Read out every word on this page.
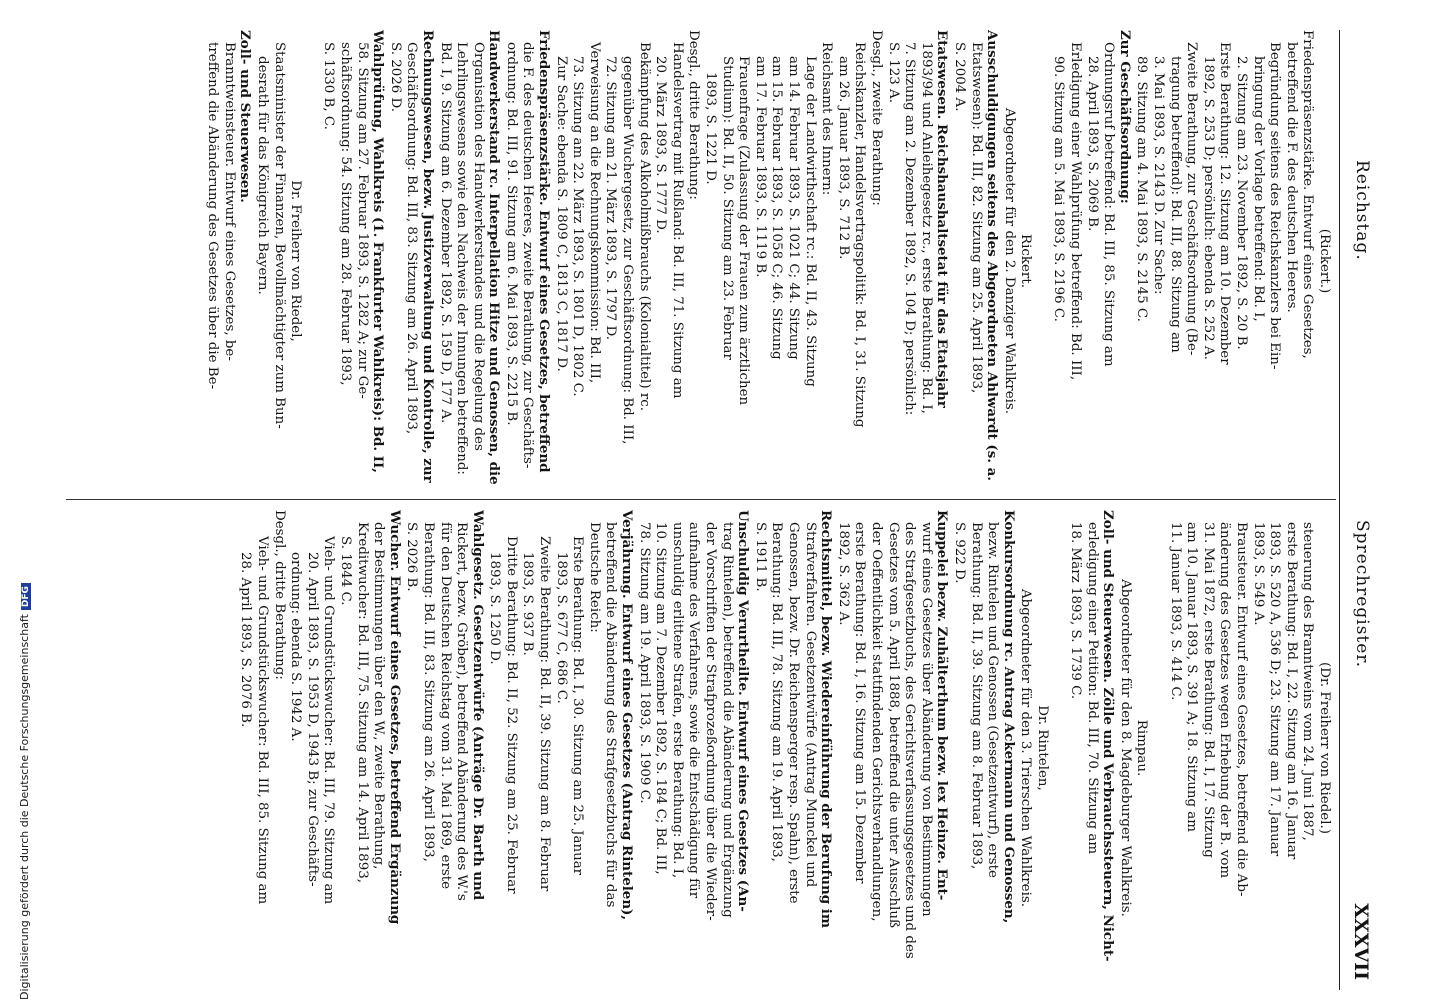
Reichstag.
Sprechregister.
XXXVII

(Rickert.)

Friedenspräsenzstärke. Entwurf eines Gesetzes,

betreffend die F. des deutschen Heeres.

Begründung seitens des Reichskanzlers bei Ein-

bringung der Vorlage betreffend: Bd. I,

2. Sitzung am 23. November 1892, S. 20 B.

Erste Berathung: 12. Sitzung am 10. Dezember

1892, S. 253 D; persönlich: ebenda S. 252 A.

Zweite Berathung, zur Geschäftsordnung (Be-

tragung betreffend): Bd. III, 88. Sitzung am

3. Mai 1893, S. 2143 D. Zur Sache:

89. Sitzung am 4. Mai 1893, S. 2145 C.

Zur Geschäftsordnung:

Ordnungsruf betreffend: Bd. III, 85. Sitzung am

28. April 1893, S. 2069 B.

Erledigung einer Wahlprüfung betreffend: Bd. III,

90. Sitzung am 5. Mai 1893, S. 2196 C.

Rickert.

Abgeordneter für den 2. Danziger Wahlkreis.

Ausschuldigungen seitens des Abgeordneten Ahlwardt (s. a.

Etatswesen): Bd. III, 82. Sitzung am 25. April 1893,

S. 2004 A.

Etatswesen. Reichshaushaltsetat für das Etatsjahr

1893/94 und Anleihegesetz rc., erste Berathung: Bd. I,

7. Sitzung am 2. Dezember 1892, S. 104 D; persönlich:

S. 123 A.

Desgl., zweite Berathung:

Reichskanzler, Handelsvertragspolitik: Bd. I, 31. Sitzung

am 26. Januar 1893, S. 712 B.

Reichsamt des Innern:

Lage der Landwirthschaft rc.: Bd. II, 43. Sitzung

am 14. Februar 1893, S. 1021 C; 44. Sitzung

am 15. Februar 1893, S. 1058 C; 46. Sitzung

am 17. Februar 1893, S. 1119 B.

Frauenfrage (Zulassung der Frauen zum ärztlichen

Studium): Bd. II, 50. Sitzung am 23. Februar

1893, S. 1221 D.

Desgl., dritte Berathung:

Handelsvertrag mit Rußland: Bd. III, 71. Sitzung am

20. März 1893, S. 1777 D.

Bekämpfung des Alkoholmißbrauchs (Kolonialtitel) rc.

gegenüber Wuchergesetz, zur Geschäftsordnung: Bd. III,

72. Sitzung am 21. März 1893, S. 1797 D.

Verweisung an die Rechnungskommission: Bd. III,

73. Sitzung am 22. März 1893, S. 1801 D, 1802 C.

Zur Sache: ebenda S. 1809 C, 1813 C, 1817 D.

Friedenspräsenzstärke. Entwurf eines Gesetzes, betreffend

die F. des deutschen Heeres, zweite Berathung, zur Geschäfts-

ordnung: Bd. III, 91. Sitzung am 6. Mai 1893, S. 2215 B.

Handwerkerstand rc. Interpellation Hitze und Genossen, die

Organisation des Handwerkerstandes und die Regelung des

Lehrlingswesens sowie den Nachweis der Innungen betreffend:

Bd. I, 9. Sitzung am 6. Dezember 1892, S. 159 D, 177 A.

Rechnungswesen, bezw. Justizverwaltung und Kontrolle, zur

Geschäftsordnung: Bd. III, 83. Sitzung am 26. April 1893,

S. 2026 D.

Wahlprüfung, Wahlkreis (1. Frankfurter Wahlkreis): Bd. II,

58. Sitzung am 27. Februar 1893, S. 1282 A; zur Ge-

schäftsordnung: 54. Sitzung am 28. Februar 1893,

S. 1330 B, C.

Dr. Freiherr von Riedel,

Staatsminister der Finanzen, Bevollmächtigter zum Bun-

desrath für das Königreich Bayern.

Zoll- und Steuerwesen.

Branntweinsteuer. Entwurf eines Gesetzes, be-

treffend die Abänderung des Gesetzes über die Be-

(Dr. Freiherr von Riedel.)

steuerung des Branntweins vom 24. Juni 1887,

erste Berathung: Bd. I, 22. Sitzung am 16. Januar

1893, S. 520 A, 536 D; 23. Sitzung am 17. Januar

1893, S. 549 A.

Brausteuer. Entwurf eines Gesetzes, betreffend die Ab-

änderung des Gesetzes wegen Erhebung der B. vom

31. Mai 1872, erste Berathung: Bd. I, 17. Sitzung

am 10. Januar 1893, S. 391 A; 18. Sitzung am

11. Januar 1893, S. 414 C.

Rimpau.

Abgeordneter für den 8. Magdeburger Wahlkreis.

Zoll- und Steuerwesen. Zölle und Verbrauchssteuern, Nicht-

erledigung einer Petition: Bd. III, 70. Sitzung am

18. März 1893, S. 1739 C.

Dr. Rintelen,

Abgeordneter für den 3. Trierschen Wahlkreis.

Konkursordnung rc. Antrag Ackermann und Genossen,

bezw. Rintelen und Genossen (Gesetzentwurf), erste

Berathung: Bd. II, 39. Sitzung am 8. Februar 1893,

S. 922 D.

Kuppelei bezw. Zuhälterthum bezw. lex Heinze. Ent-

wurf eines Gesetzes über Abänderung von Bestimmungen

des Strafgesetzbuchs, des Gerichtsverfassungsgesetzes und des

Gesetzes vom 5. April 1888, betreffend die unter Ausschluß

der Oeffentlichkeit stattfindenden Gerichtsverhandlungen,

erste Berathung: Bd. I, 16. Sitzung am 15. Dezember

1892, S. 362 A.

Rechtsmittel, bezw. Wiedereinführung der Berufung im

Strafverfahren. Gesetzentwürfe (Antrag Munckel und

Genossen, bezw. Dr. Reichensperger resp. Spahn), erste

Berathung: Bd. III, 78. Sitzung am 19. April 1893,

S. 1911 B.

Unschuldig Verurtheilte. Entwurf eines Gesetzes (An-

trag Rintelen), betreffend die Abänderung und Ergänzung

der Vorschriften der Strafprozeßordnung über die Wieder-

aufnahme des Verfahrens, sowie die Entschädigung für

unschuldig erlittene Strafen, erste Berathung: Bd. I,

10. Sitzung am 7. Dezember 1892, S. 184 C; Bd. III,

78. Sitzung am 19. April 1893, S. 1909 C.

Verjährung. Entwurf eines Gesetzes (Antrag Rintelen),

betreffend die Abänderung des Strafgesetzbuchs für das

Deutsche Reich:

Erste Berathung: Bd. I, 30. Sitzung am 25. Januar

1893, S. 677 C, 686 C.

Zweite Berathung: Bd. II, 39. Sitzung am 8. Februar

1893, S. 937 B.

Dritte Berathung: Bd. II, 52. Sitzung am 25. Februar

1893, S. 1250 D.

Wahlgesetz. Gesetzentwürfe (Anträge Dr. Barth und

Rickert, bezw. Gröber), betreffend Abänderung des W.'s

für den Deutschen Reichstag vom 31. Mai 1869, erste

Berathung: Bd. III, 83. Sitzung am 26. April 1893,

S. 2026 B.

Wucher. Entwurf eines Gesetzes, betreffend Ergänzung

der Bestimmungen über den W., zweite Berathung,

Kreditwucher: Bd. III, 75. Sitzung am 14. April 1893,

S. 1844 C.

Vieh- und Grundstückswucher: Bd. III, 79. Sitzung am

20. April 1893, S. 1953 D, 1943 B; zur Geschäfts-

ordnung: ebenda S. 1942 A.

Desgl., dritte Berathung:

Vieh- und Grundstückswucher: Bd. III, 85. Sitzung am

28. April 1893, S. 2076 B.

Digitalisierung gefördert durch die Deutsche ForschungsgemeinschaftDFG
